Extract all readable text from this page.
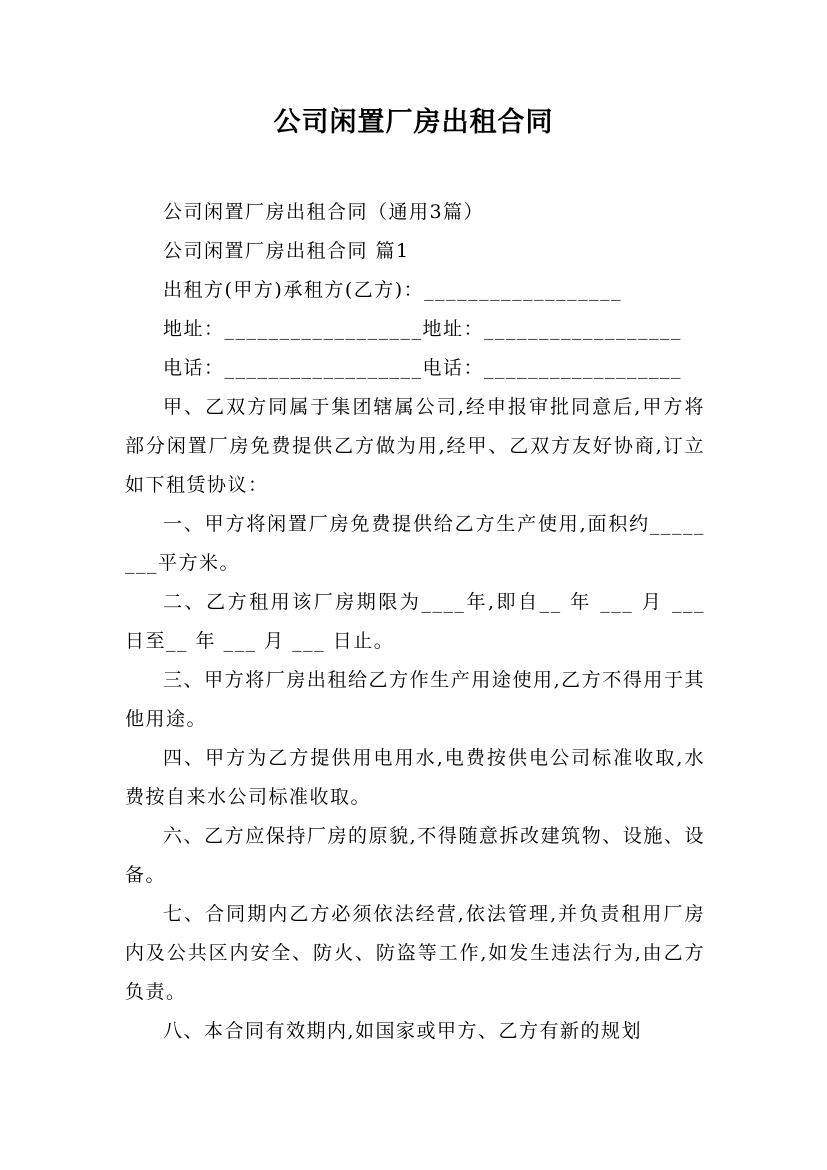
公司闲置厂房出租合同

公司闲置厂房出租合同（通用3篇）

公司闲置厂房出租合同 篇1

出租方(甲方)承租方(乙方)：__________________

地址：__________________地址：__________________

电话：__________________电话：__________________

甲、乙双方同属于集团辖属公司,经申报审批同意后,甲方将部分闲置厂房免费提供乙方做为用,经甲、乙双方友好协商,订立如下租赁协议：

一、甲方将闲置厂房免费提供给乙方生产使用,面积约________平方米。

二、乙方租用该厂房期限为____年,即自__ 年 ___ 月 ___ 日至__ 年 ___ 月 ___ 日止。

三、甲方将厂房出租给乙方作生产用途使用,乙方不得用于其他用途。

四、甲方为乙方提供用电用水,电费按供电公司标准收取,水费按自来水公司标准收取。

六、乙方应保持厂房的原貌,不得随意拆改建筑物、设施、设备。

七、合同期内乙方必须依法经营,依法管理,并负责租用厂房内及公共区内安全、防火、防盗等工作,如发生违法行为,由乙方负责。

八、本合同有效期内,如国家或甲方、乙方有新的规划
